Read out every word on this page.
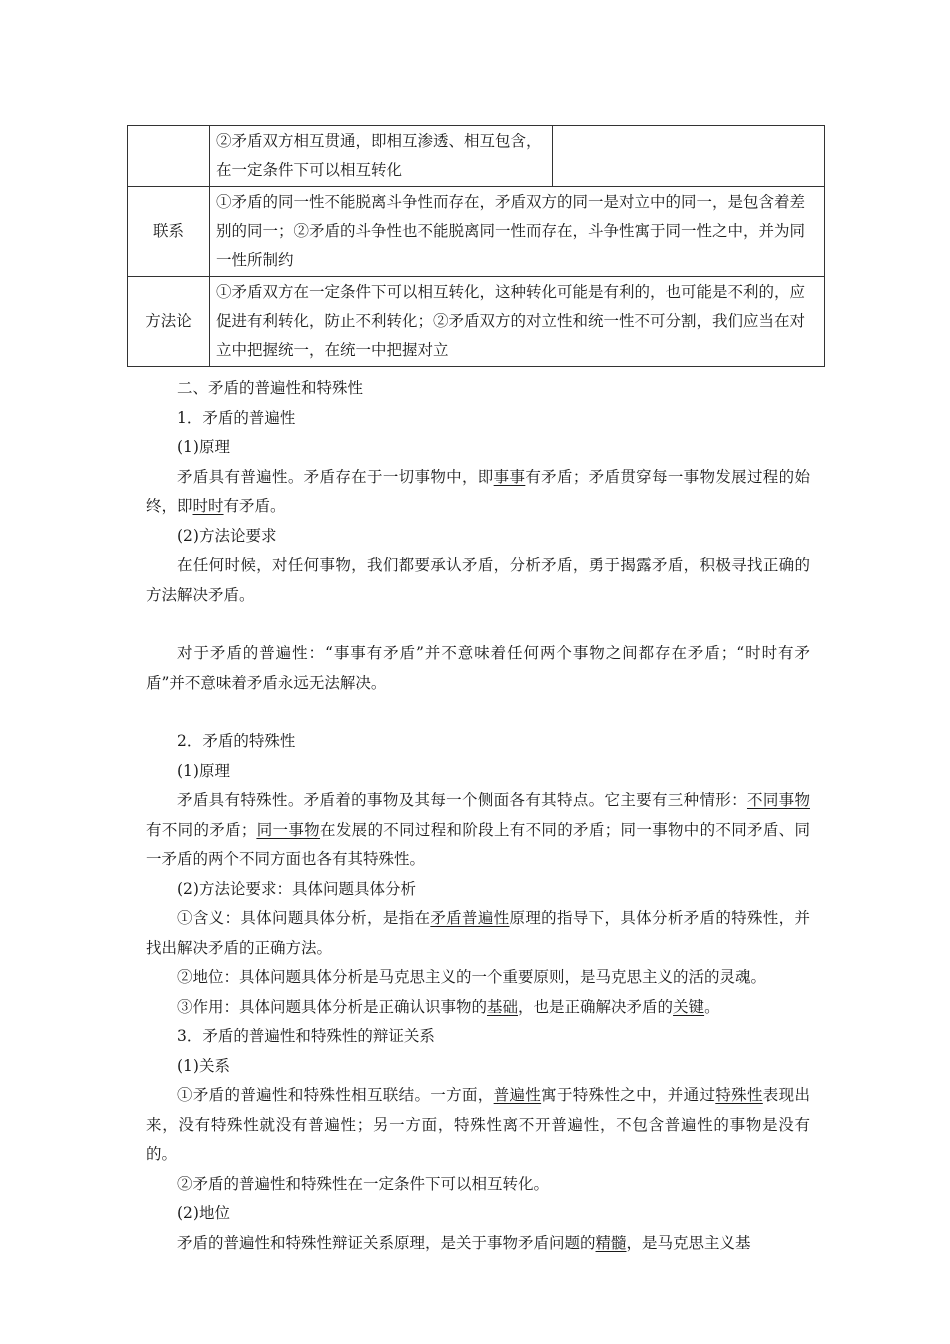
	②矛盾双方相互贯通，即相互渗透、相互包含，在一定条件下可以相互转化	
联系	①矛盾的同一性不能脱离斗争性而存在，矛盾双方的同一是对立中的同一，是包含着差别的同一；②矛盾的斗争性也不能脱离同一性而存在，斗争性寓于同一性之中，并为同一性所制约	
方法论	①矛盾双方在一定条件下可以相互转化，这种转化可能是有利的，也可能是不利的，应促进有利转化，防止不利转化；②矛盾双方的对立性和统一性不可分割，我们应当在对立中把握统一，在统一中把握对立	

二、矛盾的普遍性和特殊性

1．矛盾的普遍性

(1)原理

矛盾具有普遍性。矛盾存在于一切事物中，即事事有矛盾；矛盾贯穿每一事物发展过程的始终，即时时有矛盾。

(2)方法论要求

在任何时候，对任何事物，我们都要承认矛盾，分析矛盾，勇于揭露矛盾，积极寻找正确的方法解决矛盾。

对于矛盾的普遍性：“事事有矛盾”并不意味着任何两个事物之间都存在矛盾；“时时有矛盾”并不意味着矛盾永远无法解决。

2．矛盾的特殊性

(1)原理

矛盾具有特殊性。矛盾着的事物及其每一个侧面各有其特点。它主要有三种情形：不同事物有不同的矛盾；同一事物在发展的不同过程和阶段上有不同的矛盾；同一事物中的不同矛盾、同一矛盾的两个不同方面也各有其特殊性。

(2)方法论要求：具体问题具体分析

①含义：具体问题具体分析，是指在矛盾普遍性原理的指导下，具体分析矛盾的特殊性，并找出解决矛盾的正确方法。

②地位：具体问题具体分析是马克思主义的一个重要原则，是马克思主义的活的灵魂。

③作用：具体问题具体分析是正确认识事物的基础，也是正确解决矛盾的关键。

3．矛盾的普遍性和特殊性的辩证关系

(1)关系

①矛盾的普遍性和特殊性相互联结。一方面，普遍性寓于特殊性之中，并通过特殊性表现出来，没有特殊性就没有普遍性；另一方面，特殊性离不开普遍性，不包含普遍性的事物是没有的。

②矛盾的普遍性和特殊性在一定条件下可以相互转化。

(2)地位

矛盾的普遍性和特殊性辩证关系原理，是关于事物矛盾问题的精髓，是马克思主义基
